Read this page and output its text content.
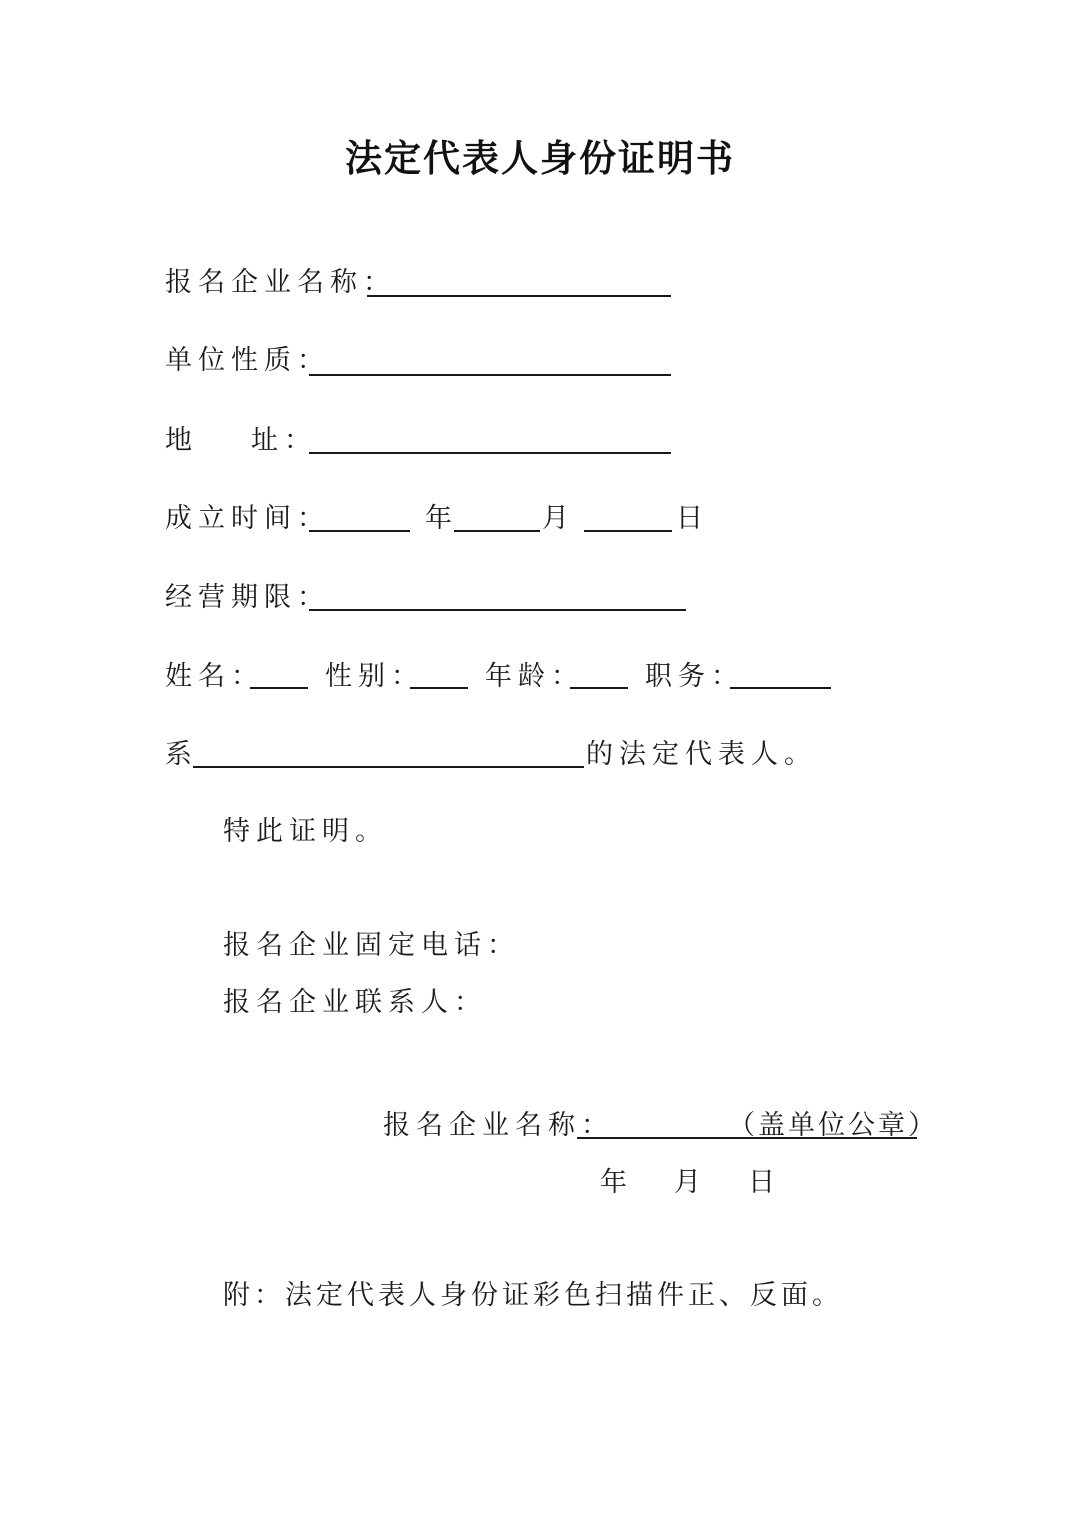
法定代表人身份证明书
报名企业名称：
单位性质：
地 址：
成立时间：	年	月	日
经营期限：
姓名： 性别： 年龄： 职务：
系	的法定代表人。
特此证明。
报名企业固定电话：
报名企业联系人：
报名企业名称：	（盖单位公章）
年 月 日
附：法定代表人身份证彩色扫描件正、反面。
